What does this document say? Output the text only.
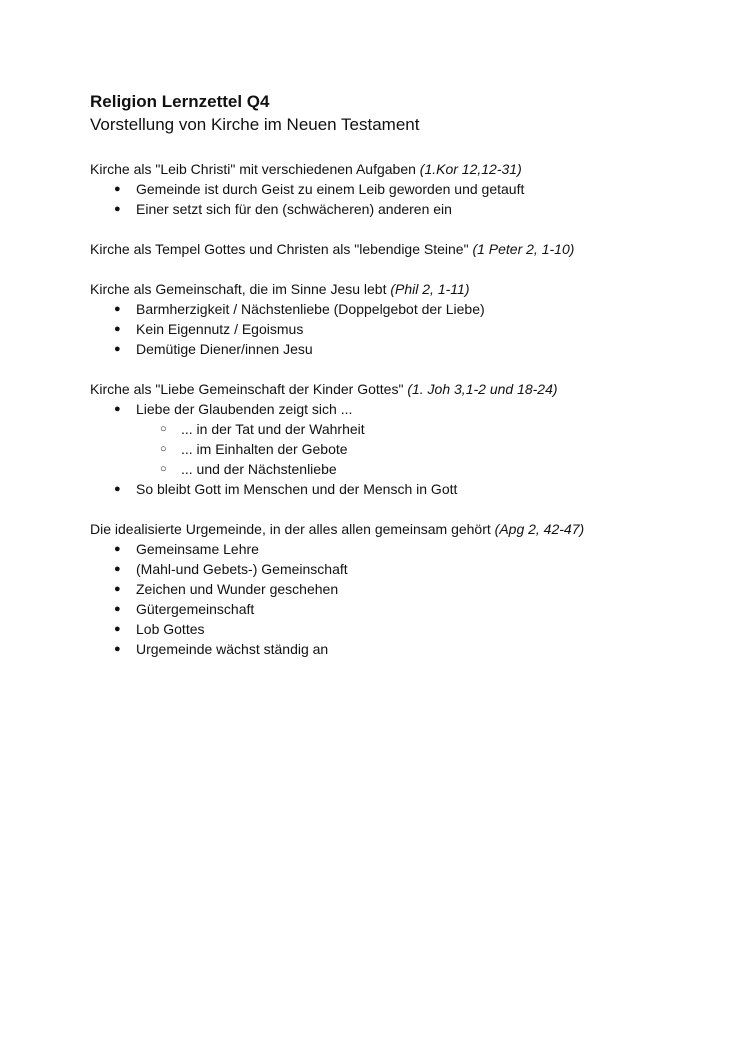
Religion Lernzettel Q4
Vorstellung von Kirche im Neuen Testament
Kirche als "Leib Christi" mit verschiedenen Aufgaben (1.Kor 12,12-31)
● Gemeinde ist durch Geist zu einem Leib geworden und getauft
● Einer setzt sich für den (schwächeren) anderen ein
Kirche als Tempel Gottes und Christen als "lebendige Steine" (1 Peter 2, 1-10)
Kirche als Gemeinschaft, die im Sinne Jesu lebt (Phil 2, 1-11)
● Barmherzigkeit / Nächstenliebe (Doppelgebot der Liebe)
● Kein Eigennutz / Egoismus
● Demütige Diener/innen Jesu
Kirche als "Liebe Gemeinschaft der Kinder Gottes" (1. Joh 3,1-2 und 18-24)
● Liebe der Glaubenden zeigt sich ...
○ ... in der Tat und der Wahrheit
○ ... im Einhalten der Gebote
○ ... und der Nächstenliebe
● So bleibt Gott im Menschen und der Mensch in Gott
Die idealisierte Urgemeinde, in der alles allen gemeinsam gehört (Apg 2, 42-47)
● Gemeinsame Lehre
● (Mahl-und Gebets-) Gemeinschaft
● Zeichen und Wunder geschehen
● Gütergemeinschaft
● Lob Gottes
● Urgemeinde wächst ständig an
